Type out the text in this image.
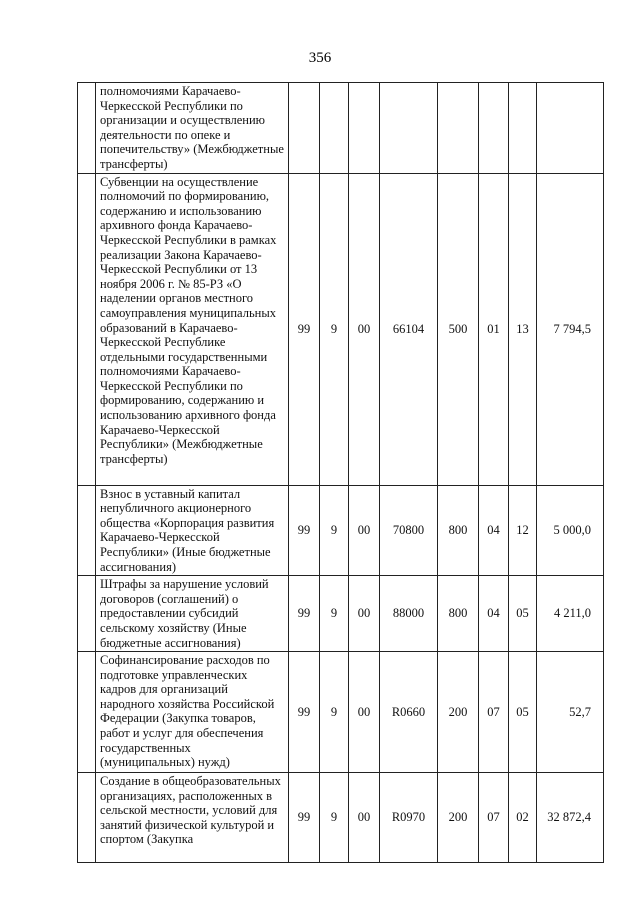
356
	полномочиями Карачаево-Черкесской Республики по организации и осуществлению деятельности по опеке и попечительству» (Межбюджетные трансферты)								
	Субвенции на осуществление полномочий по формированию, содержанию и использованию архивного фонда Карачаево-Черкесской Республики в рамках реализации Закона Карачаево-Черкесской Республики от 13 ноября 2006 г. № 85-РЗ «О наделении органов местного самоуправления муниципальных образований в Карачаево-Черкесской Республике отдельными государственными полномочиями Карачаево-Черкесской Республики по формированию, содержанию и использованию архивного фонда Карачаево-Черкесской Республики» (Межбюджетные трансферты)	99	9	00	66104	500	01	13	7 794,5
	Взнос в уставный капитал непубличного акционерного общества «Корпорация развития Карачаево-Черкесской Республики» (Иные бюджетные ассигнования)	99	9	00	70800	800	04	12	5 000,0
	Штрафы за нарушение условий договоров (соглашений) о предоставлении субсидий сельскому хозяйству (Иные бюджетные ассигнования)	99	9	00	88000	800	04	05	4 211,0
	Софинансирование расходов по подготовке управленческих кадров для организаций народного хозяйства Российской Федерации (Закупка товаров, работ и услуг для обеспечения государственных (муниципальных) нужд)	99	9	00	R0660	200	07	05	52,7
	Создание в общеобразовательных организациях, расположенных в сельской местности, условий для занятий физической культурой и спортом (Закупка	99	9	00	R0970	200	07	02	32 872,4
